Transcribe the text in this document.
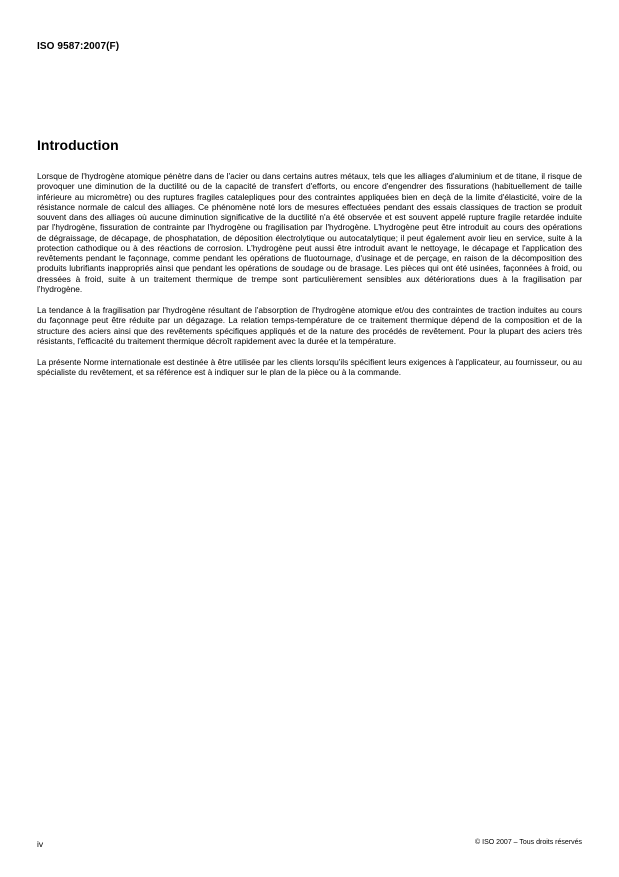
ISO 9587:2007(F)
Introduction

Lorsque de l'hydrogène atomique pénètre dans de l'acier ou dans certains autres métaux, tels que les alliages d'aluminium et de titane, il risque de provoquer une diminution de la ductilité ou de la capacité de transfert d'efforts, ou encore d'engendrer des fissurations (habituellement de taille inférieure au micromètre) ou des ruptures fragiles catalepliques pour des contraintes appliquées bien en deçà de la limite d'élasticité, voire de la résistance normale de calcul des alliages. Ce phénomène noté lors de mesures effectuées pendant des essais classiques de traction se produit souvent dans des alliages où aucune diminution significative de la ductilité n'a été observée et est souvent appelé rupture fragile retardée induite par l'hydrogène, fissuration de contrainte par l'hydrogène ou fragilisation par l'hydrogène. L'hydrogène peut être introduit au cours des opérations de dégraissage, de décapage, de phosphatation, de déposition électrolytique ou autocatalytique; il peut également avoir lieu en service, suite à la protection cathodique ou à des réactions de corrosion. L'hydrogène peut aussi être introduit avant le nettoyage, le décapage et l'application des revêtements pendant le façonnage, comme pendant les opérations de fluotournage, d'usinage et de perçage, en raison de la décomposition des produits lubrifiants inappropriés ainsi que pendant les opérations de soudage ou de brasage. Les pièces qui ont été usinées, façonnées à froid, ou dressées à froid, suite à un traitement thermique de trempe sont particulièrement sensibles aux détériorations dues à la fragilisation par l'hydrogène.

La tendance à la fragilisation par l'hydrogène résultant de l'absorption de l'hydrogène atomique et/ou des contraintes de traction induites au cours du façonnage peut être réduite par un dégazage. La relation temps-température de ce traitement thermique dépend de la composition et de la structure des aciers ainsi que des revêtements spécifiques appliqués et de la nature des procédés de revêtement. Pour la plupart des aciers très résistants, l'efficacité du traitement thermique décroît rapidement avec la durée et la température.

La présente Norme internationale est destinée à être utilisée par les clients lorsqu'ils spécifient leurs exigences à l'applicateur, au fournisseur, ou au spécialiste du revêtement, et sa référence est à indiquer sur le plan de la pièce ou à la commande.

iv	© ISO 2007 – Tous droits réservés
